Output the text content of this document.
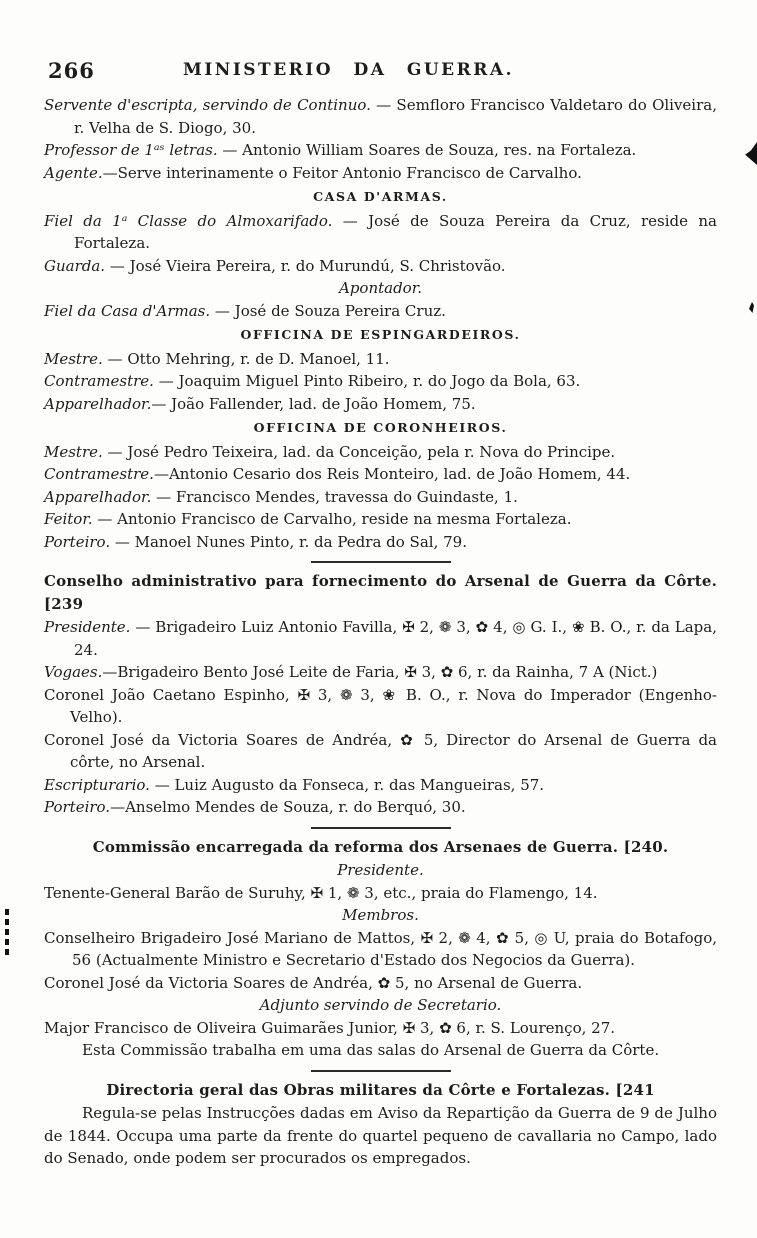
266	MINISTERIO DA GUERRA.

Servente d'escripta, servindo de Continuo. — Semfloro Francisco Valdetaro do Oliveira, r. Velha de S. Diogo, 30.

Professor de 1ᵃˢ letras. — Antonio William Soares de Souza, res. na Fortaleza.

Agente.—Serve interinamente o Feitor Antonio Francisco de Carvalho.

CASA D'ARMAS.

Fiel da 1ᵃ Classe do Almoxarifado. — José de Souza Pereira da Cruz, reside na Fortaleza.

Guarda. — José Vieira Pereira, r. do Murundú, S. Christovão.

Apontador.

Fiel da Casa d'Armas. — José de Souza Pereira Cruz.

OFFICINA DE ESPINGARDEIROS.

Mestre. — Otto Mehring, r. de D. Manoel, 11.

Contramestre. — Joaquim Miguel Pinto Ribeiro, r. do Jogo da Bola, 63.

Apparelhador.— João Fallender, lad. de João Homem, 75.

OFFICINA DE CORONHEIROS.

Mestre. — José Pedro Teixeira, lad. da Conceição, pela r. Nova do Principe.

Contramestre.—Antonio Cesario dos Reis Monteiro, lad. de João Homem, 44.

Apparelhador. — Francisco Mendes, travessa do Guindaste, 1.

Feitor. — Antonio Francisco de Carvalho, reside na mesma Fortaleza.

Porteiro. — Manoel Nunes Pinto, r. da Pedra do Sal, 79.

Conselho administrativo para fornecimento do Arsenal de Guerra da Côrte. [239

Presidente. — Brigadeiro Luiz Antonio Favilla, ✠ 2, ❁ 3, ✿ 4, ◎ G. I., ❀ B. O., r. da Lapa, 24.

Vogaes.—Brigadeiro Bento José Leite de Faria, ✠ 3, ✿ 6, r. da Rainha, 7 A (Nict.)

Coronel João Caetano Espinho, ✠ 3, ❁ 3, ❀ B. O., r. Nova do Imperador (Engenho-Velho).

Coronel José da Victoria Soares de Andréa, ✿ 5, Director do Arsenal de Guerra da côrte, no Arsenal.

Escripturario. — Luiz Augusto da Fonseca, r. das Mangueiras, 57.

Porteiro.—Anselmo Mendes de Souza, r. do Berquó, 30.

Commissão encarregada da reforma dos Arsenaes de Guerra. [240.

Presidente.

Tenente-General Barão de Suruhy, ✠ 1, ❁ 3, etc., praia do Flamengo, 14.

Membros.

Conselheiro Brigadeiro José Mariano de Mattos, ✠ 2, ❁ 4, ✿ 5, ◎ U, praia do Botafogo, 56 (Actualmente Ministro e Secretario d'Estado dos Negocios da Guerra).

Coronel José da Victoria Soares de Andréa, ✿ 5, no Arsenal de Guerra.

Adjunto servindo de Secretario.

Major Francisco de Oliveira Guimarães Junior, ✠ 3, ✿ 6, r. S. Lourenço, 27.

Esta Commissão trabalha em uma das salas do Arsenal de Guerra da Côrte.

Directoria geral das Obras militares da Côrte e Fortalezas. [241

Regula-se pelas Instrucções dadas em Aviso da Repartição da Guerra de 9 de Julho de 1844. Occupa uma parte da frente do quartel pequeno de cavallaria no Campo, lado do Senado, onde podem ser procurados os empregados.
